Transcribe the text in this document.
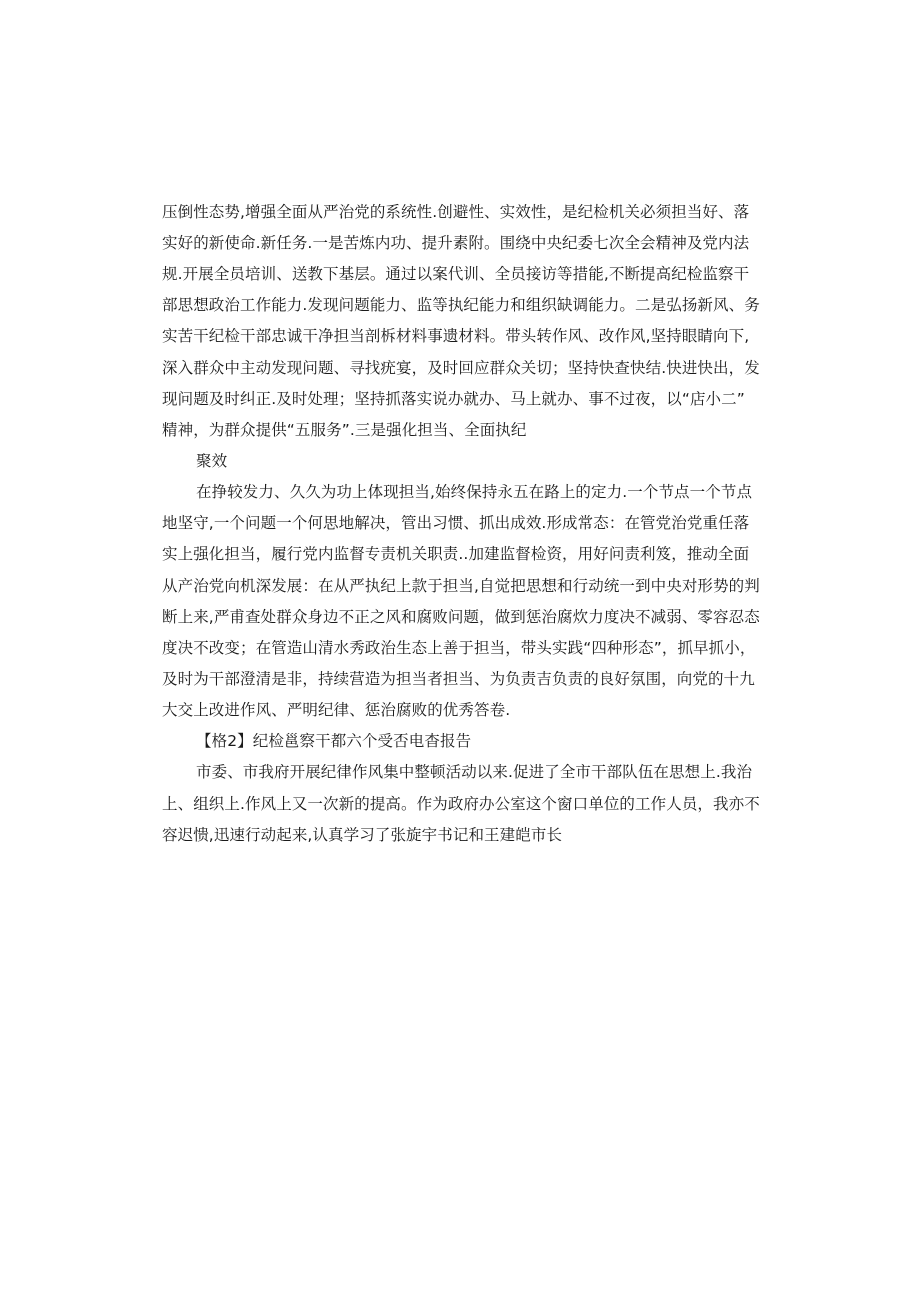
压倒性态势,增强全面从严治党的系统性.创避性、实效性，是纪检机关必须担当好、落
实好的新使命.新任务.一是苦炼内功、提升素附。围绕中央纪委七次全会精神及党内法
规.开展全员培训、送教下基层。通过以案代训、全员接访等措能,不断提高纪检监察干
部思想政治工作能力.发现问题能力、监等执纪能力和组织缺调能力。二是弘扬新风、务
实苦干纪检干部忠诚干净担当剖柝材料事遗材料。带头转作风、改作风,坚持眼睛向下,
深入群众中主动发现问题、寻找疣宴，及时回应群众关切；坚持快查快结.快进快出，发
现问题及时纠正.及时处理；坚持抓落实说办就办、马上就办、事不过夜，以“店小二”
精神，为群众提供“五服务”.三是强化担当、全面执纪
聚效
在挣较发力、久久为功上体现担当,始终保持永五在路上的定力.一个节点一个节点
地坚守,一个问题一个何思地解决，管出习惯、抓出成效.形成常态：在管党治党重任落
实上强化担当，履行党内监督专责机关职责..加建监督检资，用好问责利笈，推动全面
从产治党向机深发展：在从严执纪上款于担当,自觉把思想和行动统一到中央对形势的判
断上来,严甫查处群众身边不正之风和腐败问题，做到惩治腐炊力度决不减弱、零容忍态
度决不改变；在管造山清水秀政治生态上善于担当，带头实践“四种形态”，抓早抓小，
及时为干部澄清是非，持续营造为担当者担当、为负责吉负责的良好氛围，向党的十九
大交上改进作风、严明纪律、惩治腐败的优秀答卷.
【格2】纪检邕察干都六个受否电杳报告
市委、市我府开展纪律作风集中整顿活动以来.促进了全市干部队伍在思想上.我治
上、组织上.作风上又一次新的提高。作为政府办公室这个窗口单位的工作人员，我亦不
容迟愦,迅速行动起来,认真学习了张旋宇书记和王建皑市长
